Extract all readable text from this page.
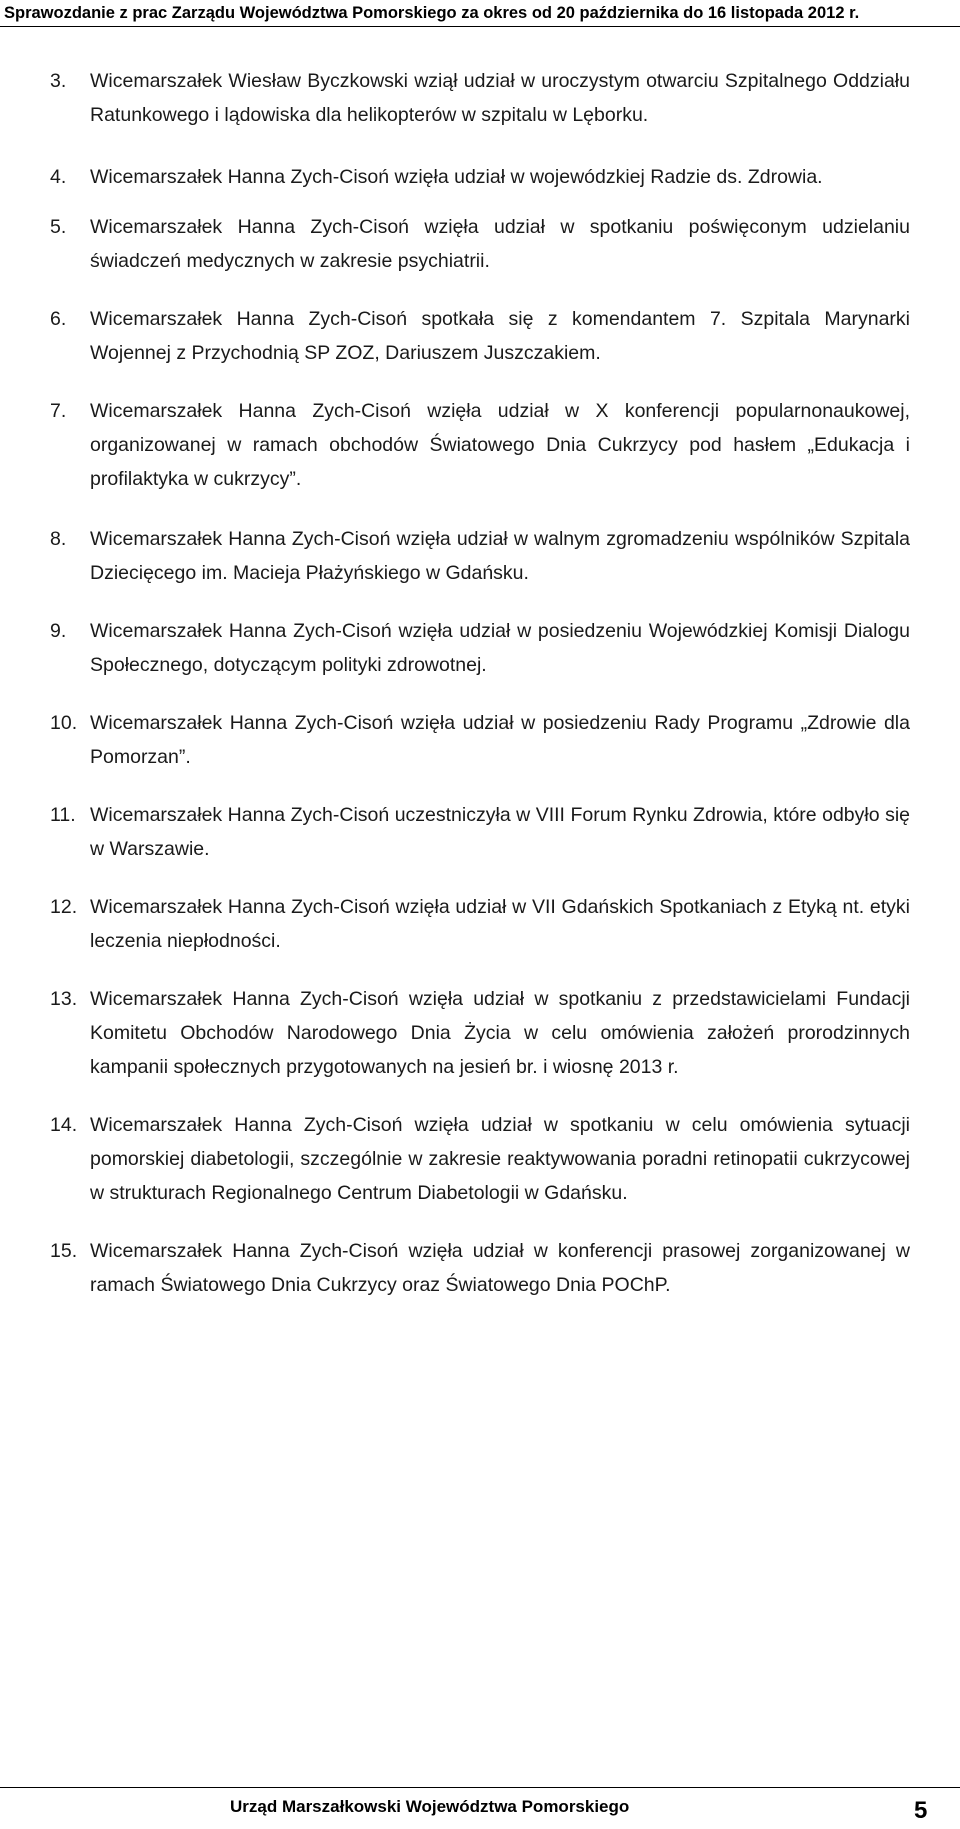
Sprawozdanie z prac Zarządu Województwa Pomorskiego za okres od 20 października do 16 listopada 2012 r.
3.	Wicemarszałek Wiesław Byczkowski wziął udział w uroczystym otwarciu Szpitalnego Oddziału Ratunkowego i lądowiska dla helikopterów w szpitalu w Lęborku.
4.	Wicemarszałek Hanna Zych-Cisoń wzięła udział w wojewódzkiej Radzie ds. Zdrowia.
5.	Wicemarszałek Hanna Zych-Cisoń wzięła udział w spotkaniu poświęconym udzielaniu świadczeń medycznych w zakresie psychiatrii.
6.	Wicemarszałek Hanna Zych-Cisoń spotkała się z komendantem 7. Szpitala Marynarki Wojennej z Przychodnią SP ZOZ, Dariuszem Juszczakiem.
7.	Wicemarszałek Hanna Zych-Cisoń wzięła udział w X konferencji popularnonaukowej, organizowanej w ramach obchodów Światowego Dnia Cukrzycy pod hasłem „Edukacja i profilaktyka w cukrzycy”.
8.	Wicemarszałek Hanna Zych-Cisoń wzięła udział w walnym zgromadzeniu wspólników Szpitala Dziecięcego im. Macieja Płażyńskiego w Gdańsku.
9.	Wicemarszałek Hanna Zych-Cisoń wzięła udział w posiedzeniu Wojewódzkiej Komisji Dialogu Społecznego, dotyczącym polityki zdrowotnej.
10. Wicemarszałek Hanna Zych-Cisoń wzięła udział w posiedzeniu Rady Programu „Zdrowie dla Pomorzan”.
11. Wicemarszałek Hanna Zych-Cisoń uczestniczyła w VIII Forum Rynku Zdrowia, które odbyło się w Warszawie.
12. Wicemarszałek Hanna Zych-Cisoń wzięła udział w VII Gdańskich Spotkaniach z Etyką nt. etyki leczenia niepłodności.
13. Wicemarszałek Hanna Zych-Cisoń wzięła udział w spotkaniu z przedstawicielami Fundacji Komitetu Obchodów Narodowego Dnia Życia w celu omówienia założeń prorodzinnych kampanii społecznych przygotowanych na jesień br. i wiosnę 2013 r.
14. Wicemarszałek Hanna Zych-Cisoń wzięła udział w spotkaniu w celu omówienia sytuacji pomorskiej diabetologii, szczególnie w zakresie reaktywowania poradni retinopatii cukrzycowej w strukturach Regionalnego Centrum Diabetologii w Gdańsku.
15. Wicemarszałek Hanna Zych-Cisoń wzięła udział w konferencji prasowej zorganizowanej w ramach Światowego Dnia Cukrzycy oraz Światowego Dnia POChP.
Urząd Marszałkowski Województwa Pomorskiego	5
